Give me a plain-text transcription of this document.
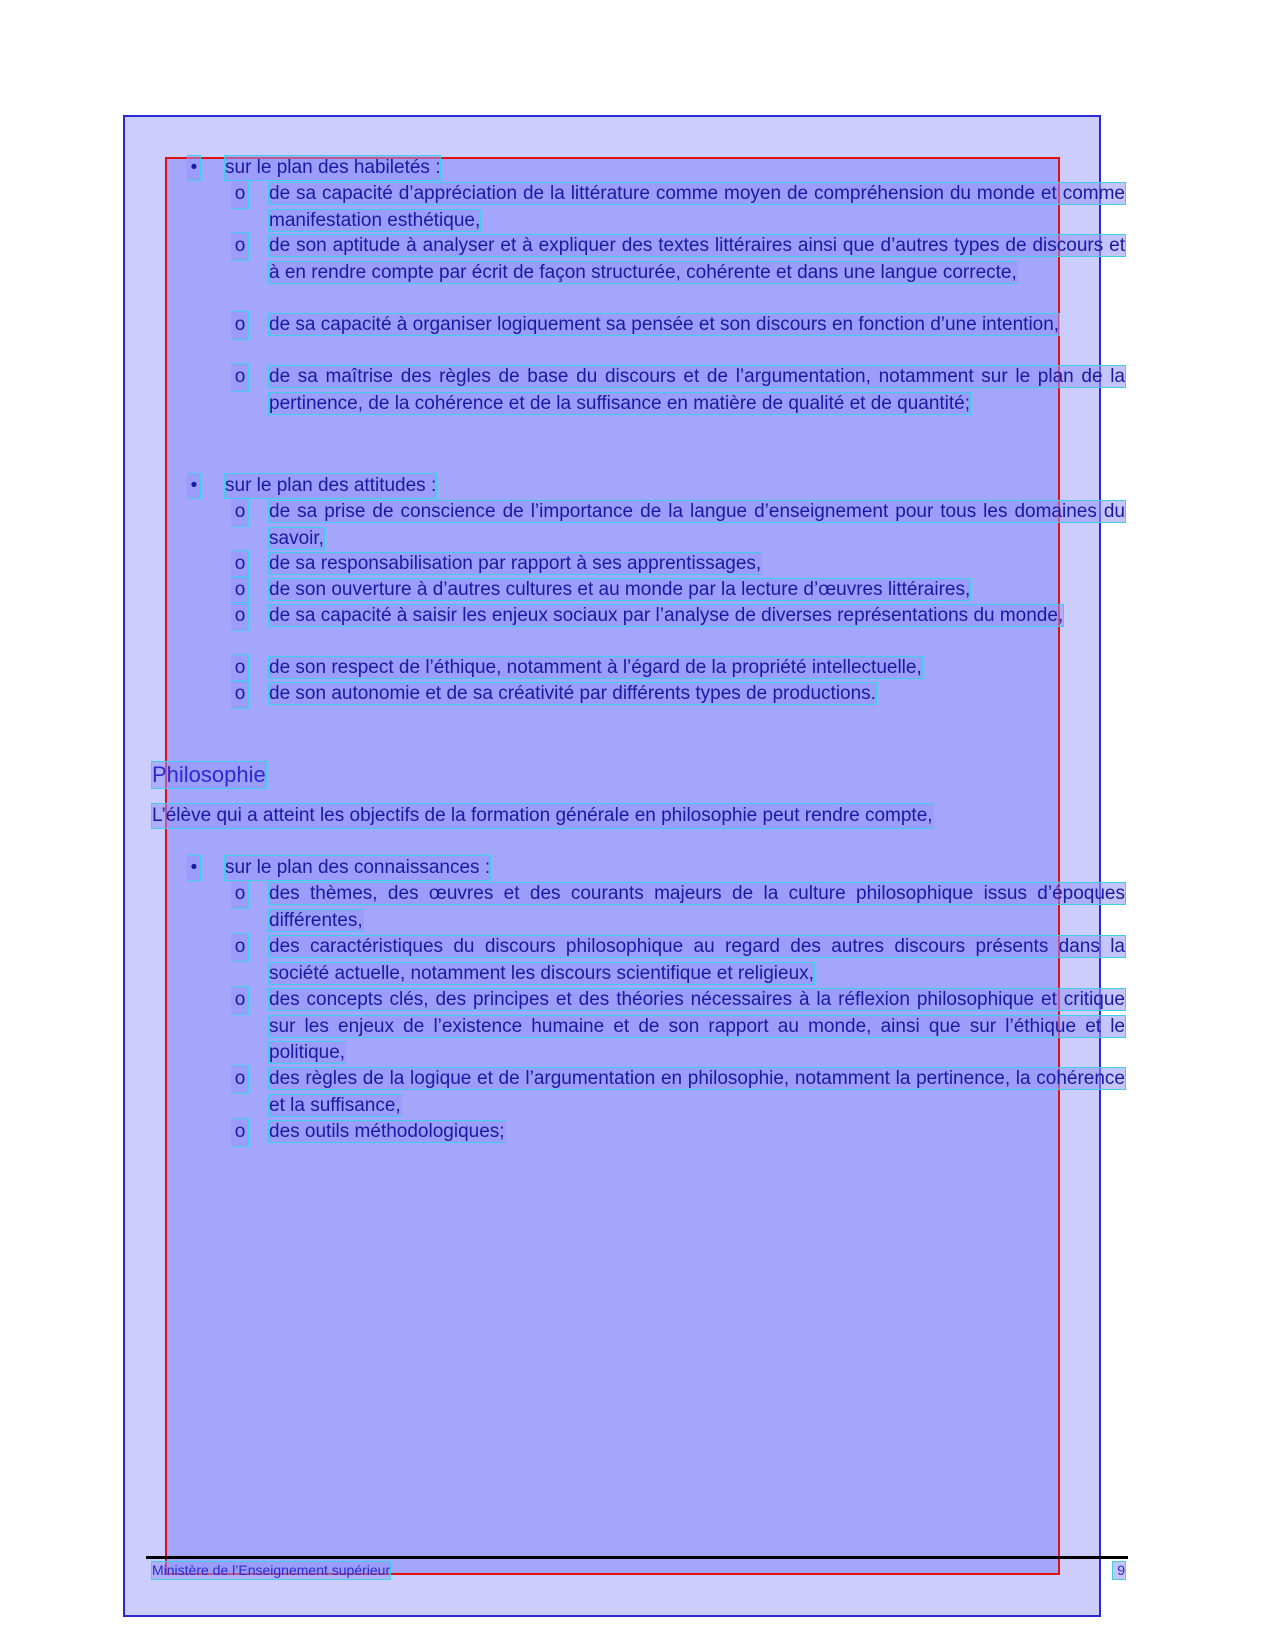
• sur le plan des habiletés :
o de sa capacité d’appréciation de la littérature comme moyen de compréhension du monde et comme manifestation esthétique,
o de son aptitude à analyser et à expliquer des textes littéraires ainsi que d’autres types de discours et à en rendre compte par écrit de façon structurée, cohérente et dans une langue correcte,
o de sa capacité à organiser logiquement sa pensée et son discours en fonction d’une intention,
o de sa maîtrise des règles de base du discours et de l’argumentation, notamment sur le plan de la pertinence, de la cohérence et de la suffisance en matière de qualité et de quantité;
• sur le plan des attitudes :
o de sa prise de conscience de l’importance de la langue d’enseignement pour tous les domaines du savoir,
o de sa responsabilisation par rapport à ses apprentissages,
o de son ouverture à d’autres cultures et au monde par la lecture d’œuvres littéraires,
o de sa capacité à saisir les enjeux sociaux par l’analyse de diverses représentations du monde,
o de son respect de l’éthique, notamment à l’égard de la propriété intellectuelle,
o de son autonomie et de sa créativité par différents types de productions.
Philosophie
L’élève qui a atteint les objectifs de la formation générale en philosophie peut rendre compte,
• sur le plan des connaissances :
o des thèmes, des œuvres et des courants majeurs de la culture philosophique issus d’époques différentes,
o des caractéristiques du discours philosophique au regard des autres discours présents dans la société actuelle, notamment les discours scientifique et religieux,
o des concepts clés, des principes et des théories nécessaires à la réflexion philosophique et critique sur les enjeux de l’existence humaine et de son rapport au monde, ainsi que sur l’éthique et le politique,
o des règles de la logique et de l’argumentation en philosophie, notamment la pertinence, la cohérence et la suffisance,
o des outils méthodologiques;
Ministère de l’Enseignement supérieur	9
